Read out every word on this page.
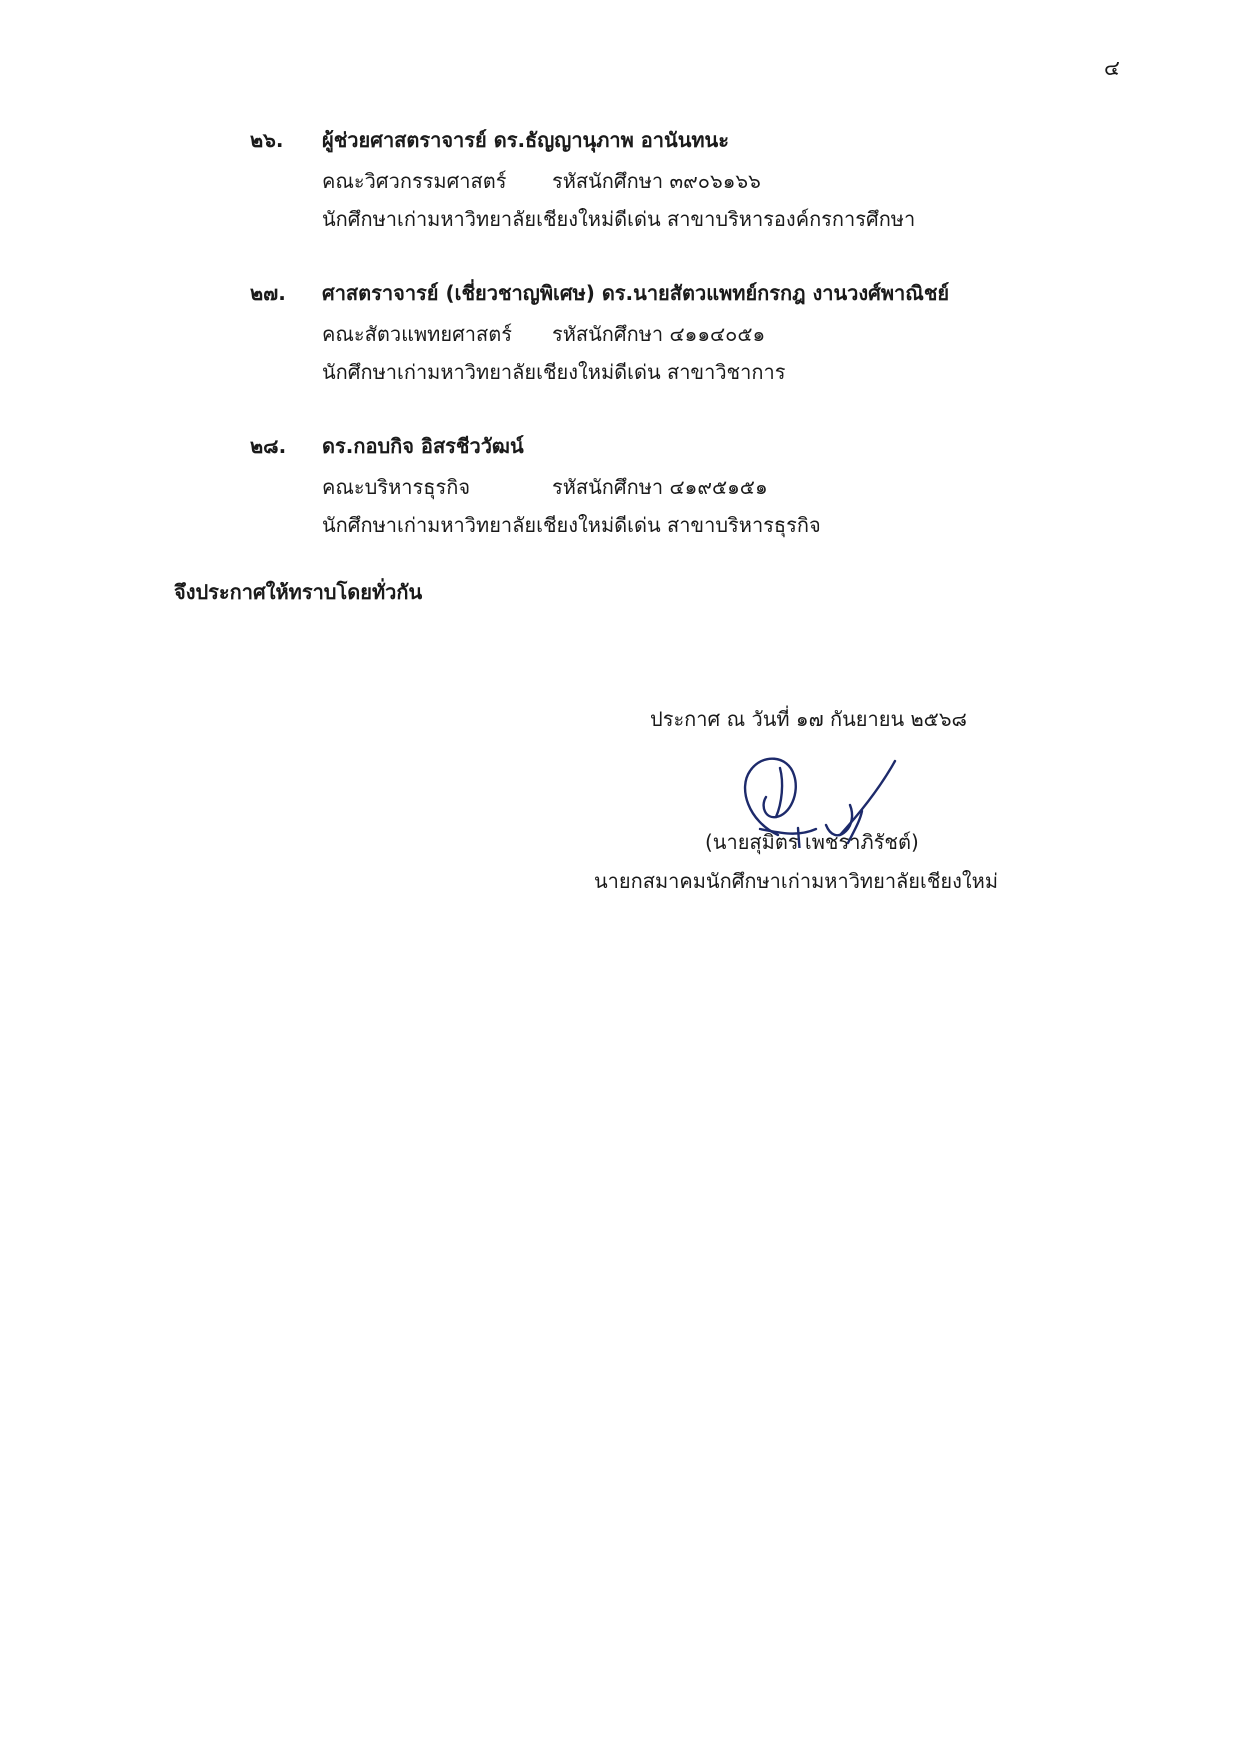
๔
๒๖.	ผู้ช่วยศาสตราจารย์ ดร.ธัญญานุภาพ อานันทนะ
คณะวิศวกรรมศาสตร์ รหัสนักศึกษา ๓๙๐๖๑๖๖
นักศึกษาเก่ามหาวิทยาลัยเชียงใหม่ดีเด่น สาขาบริหารองค์กรการศึกษา
๒๗.	ศาสตราจารย์ (เชี่ยวชาญพิเศษ) ดร.นายสัตวแพทย์กรกฎ งานวงศ์พาณิชย์
คณะสัตวแพทยศาสตร์ รหัสนักศึกษา ๔๑๑๔๐๕๑
นักศึกษาเก่ามหาวิทยาลัยเชียงใหม่ดีเด่น สาขาวิชาการ
๒๘.	ดร.กอบกิจ อิสรชีววัฒน์
คณะบริหารธุรกิจ	รหัสนักศึกษา ๔๑๙๕๑๕๑
นักศึกษาเก่ามหาวิทยาลัยเชียงใหม่ดีเด่น สาขาบริหารธุรกิจ
จึงประกาศให้ทราบโดยทั่วกัน
ประกาศ ณ วันที่ ๑๗ กันยายน ๒๕๖๘
(นายสุมิตร เพชราภิรัชต์)
นายกสมาคมนักศึกษาเก่ามหาวิทยาลัยเชียงใหม่
